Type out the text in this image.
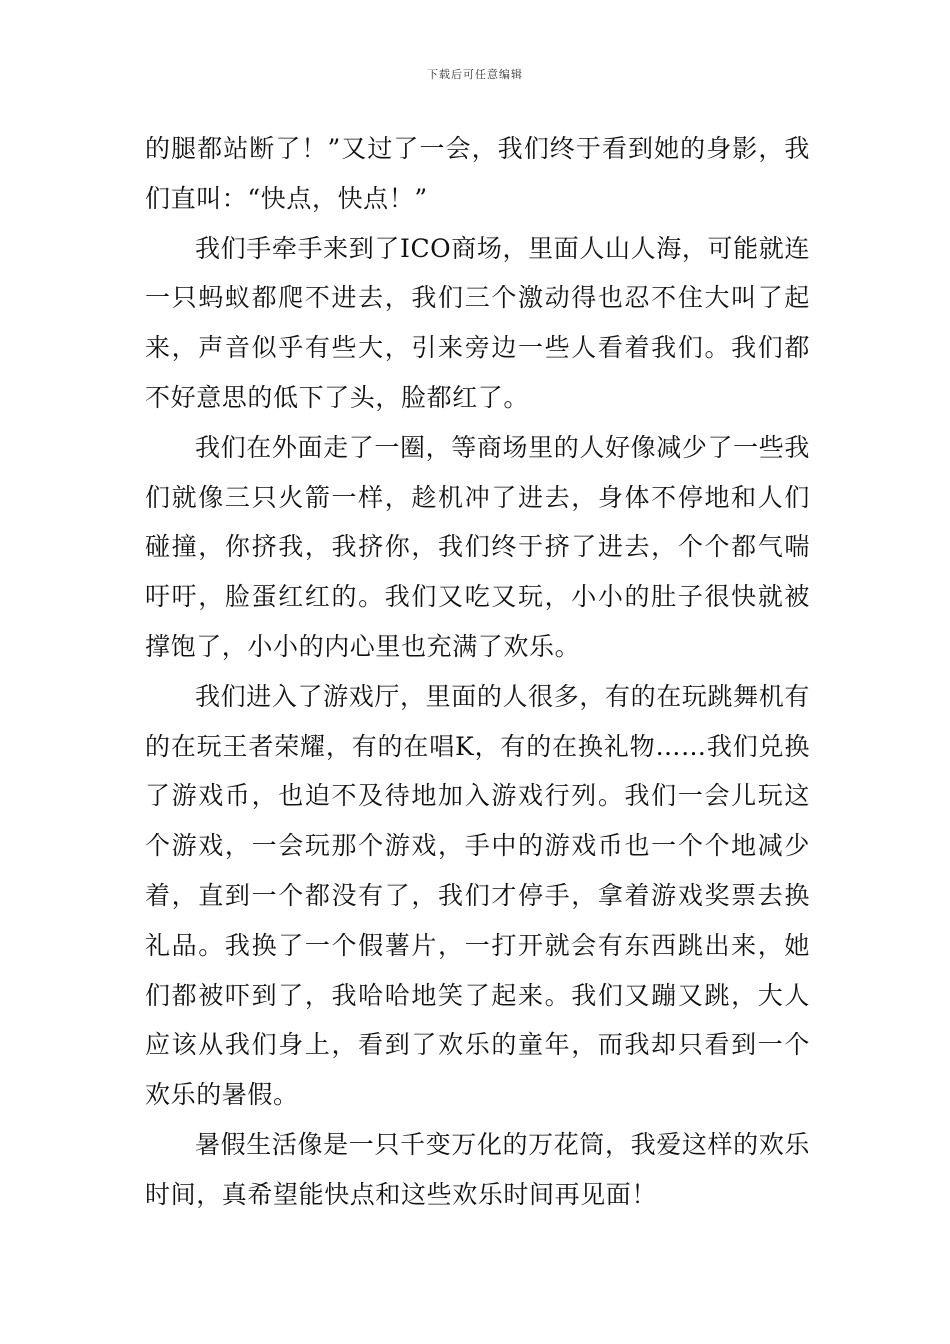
下载后可任意编辑

的腿都站断了！”又过了一会，我们终于看到她的身影，我们直叫：“快点，快点！”

我们手牵手来到了ICO商场，里面人山人海，可能就连一只蚂蚁都爬不进去，我们三个激动得也忍不住大叫了起来，声音似乎有些大，引来旁边一些人看着我们。我们都不好意思的低下了头，脸都红了。

我们在外面走了一圈，等商场里的人好像减少了一些我们就像三只火箭一样，趁机冲了进去，身体不停地和人们碰撞，你挤我，我挤你，我们终于挤了进去，个个都气喘吁吁，脸蛋红红的。我们又吃又玩，小小的肚子很快就被撑饱了，小小的内心里也充满了欢乐。

我们进入了游戏厅，里面的人很多，有的在玩跳舞机有的在玩王者荣耀，有的在唱K，有的在换礼物……我们兑换了游戏币，也迫不及待地加入游戏行列。我们一会儿玩这个游戏，一会玩那个游戏，手中的游戏币也一个个地减少着，直到一个都没有了，我们才停手，拿着游戏奖票去换礼品。我换了一个假薯片，一打开就会有东西跳出来，她们都被吓到了，我哈哈地笑了起来。我们又蹦又跳，大人应该从我们身上，看到了欢乐的童年，而我却只看到一个欢乐的暑假。

暑假生活像是一只千变万化的万花筒，我爱这样的欢乐时间，真希望能快点和这些欢乐时间再见面！
